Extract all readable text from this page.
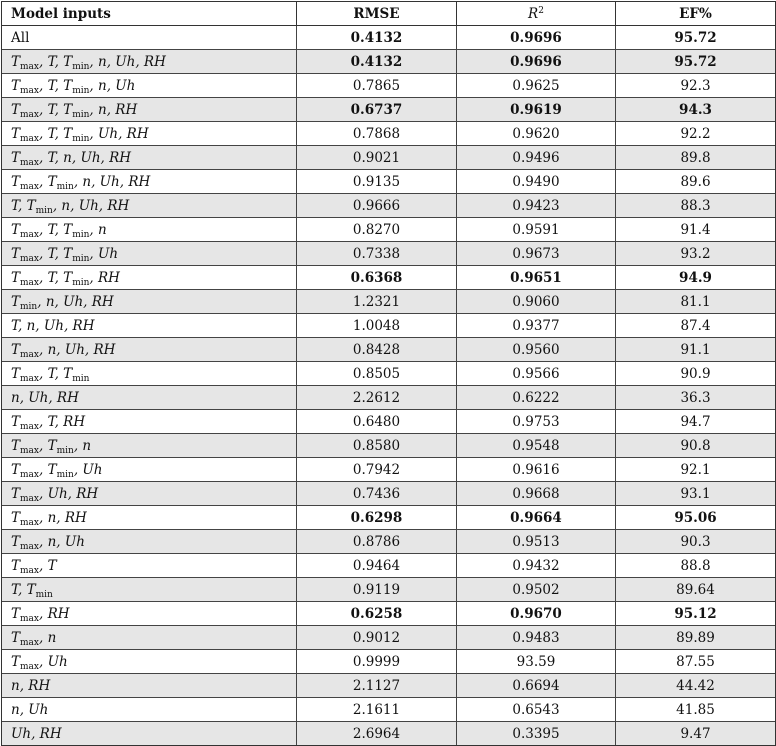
Model inputs	RMSE	$R^2$	EF%
All	0.4132	0.9696	95.72
$T_{max}$, T, $T_{min}$, n, Uh, RH	0.4132	0.9696	95.72
$T_{max}$, T, $T_{min}$, n, Uh	0.7865	0.9625	92.3
$T_{max}$, T, $T_{min}$, n, RH	0.6737	0.9619	94.3
$T_{max}$, T, $T_{min}$, Uh, RH	0.7868	0.9620	92.2
$T_{max}$, T, n, Uh, RH	0.9021	0.9496	89.8
$T_{max}$, $T_{min}$, n, Uh, RH	0.9135	0.9490	89.6
T, $T_{min}$, n, Uh, RH	0.9666	0.9423	88.3
$T_{max}$, T, $T_{min}$, n	0.8270	0.9591	91.4
$T_{max}$, T, $T_{min}$, Uh	0.7338	0.9673	93.2
$T_{max}$, T, $T_{min}$, RH	0.6368	0.9651	94.9
$T_{min}$, n, Uh, RH	1.2321	0.9060	81.1
T, n, Uh, RH	1.0048	0.9377	87.4
$T_{max}$, n, Uh, RH	0.8428	0.9560	91.1
$T_{max}$, T, $T_{min}$	0.8505	0.9566	90.9
n, Uh, RH	2.2612	0.6222	36.3
$T_{max}$, T, RH	0.6480	0.9753	94.7
$T_{max}$, $T_{min}$, n	0.8580	0.9548	90.8
$T_{max}$, $T_{min}$, Uh	0.7942	0.9616	92.1
$T_{max}$, Uh, RH	0.7436	0.9668	93.1
$T_{max}$, n, RH	0.6298	0.9664	95.06
$T_{max}$, n, Uh	0.8786	0.9513	90.3
$T_{max}$, T	0.9464	0.9432	88.8
T, $T_{min}$	0.9119	0.9502	89.64
$T_{max}$, RH	0.6258	0.9670	95.12
$T_{max}$, n	0.9012	0.9483	89.89
$T_{max}$, Uh	0.9999	93.59	87.55
n, RH	2.1127	0.6694	44.42
n, Uh	2.1611	0.6543	41.85
Uh, RH	2.6964	0.3395	9.47
